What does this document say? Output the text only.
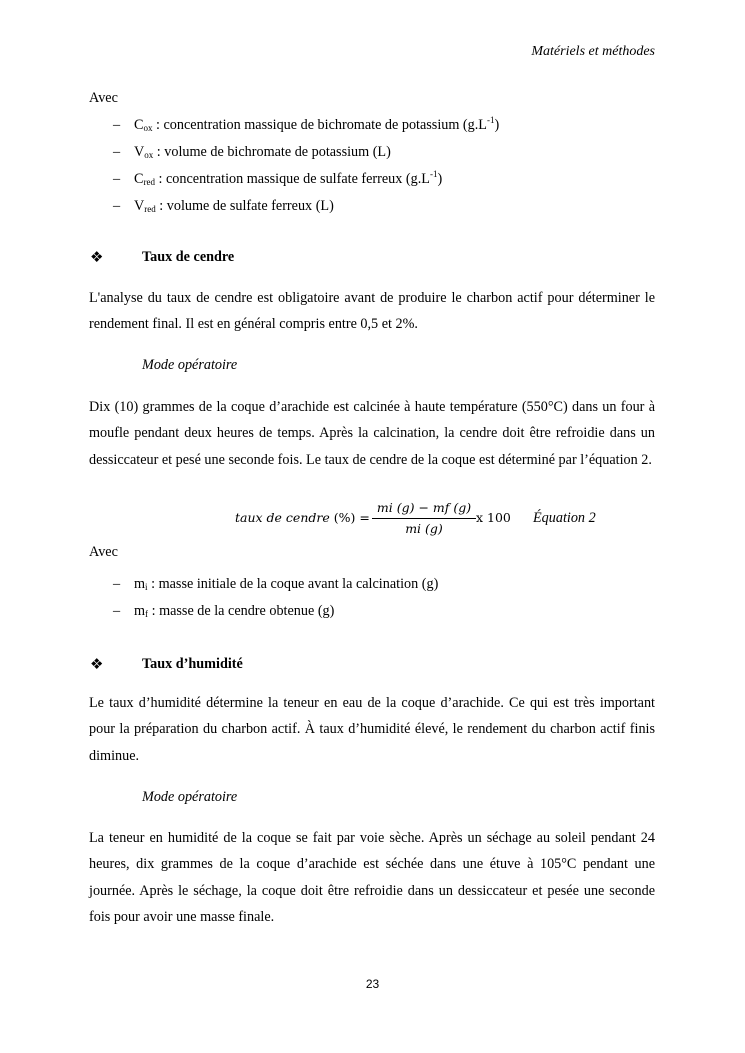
Matériels et méthodes
Avec
– $C_{ox}$ : concentration massique de bichromate de potassium $(g.L^{-1})$
– $V_{ox}$ : volume de bichromate de potassium (L)
– $C_{red}$ : concentration massique de sulfate ferreux $(g.L^{-1})$
– $V_{red}$ : volume de sulfate ferreux (L)
❖	Taux de cendre
L'analyse du taux de cendre est obligatoire avant de produire le charbon actif pour déterminer le rendement final. Il est en général compris entre 0,5 et 2%.
Mode opératoire
Dix (10) grammes de la coque d’arachide est calcinée à haute température (550°C) dans un four à moufle pendant deux heures de temps. Après la calcination, la cendre doit être refroidie dans un dessiccateur et pesé une seconde fois. Le taux de cendre de la coque est déterminé par l’équation 2.
taux de cendre (%) =
mi (g) − mf (g)
mi (g)
x 100 Équation 2
Avec
– $m_i$ : masse initiale de la coque avant la calcination (g)
– $m_f$ : masse de la cendre obtenue (g)
❖	Taux d’humidité
Le taux d’humidité détermine la teneur en eau de la coque d’arachide. Ce qui est très important pour la préparation du charbon actif. À taux d’humidité élevé, le rendement du charbon actif finis diminue.
Mode opératoire
La teneur en humidité de la coque se fait par voie sèche. Après un séchage au soleil pendant 24 heures, dix grammes de la coque d’arachide est séchée dans une étuve à 105°C pendant une journée. Après le séchage, la coque doit être refroidie dans un dessiccateur et pesée une seconde fois pour avoir une masse finale.
23
